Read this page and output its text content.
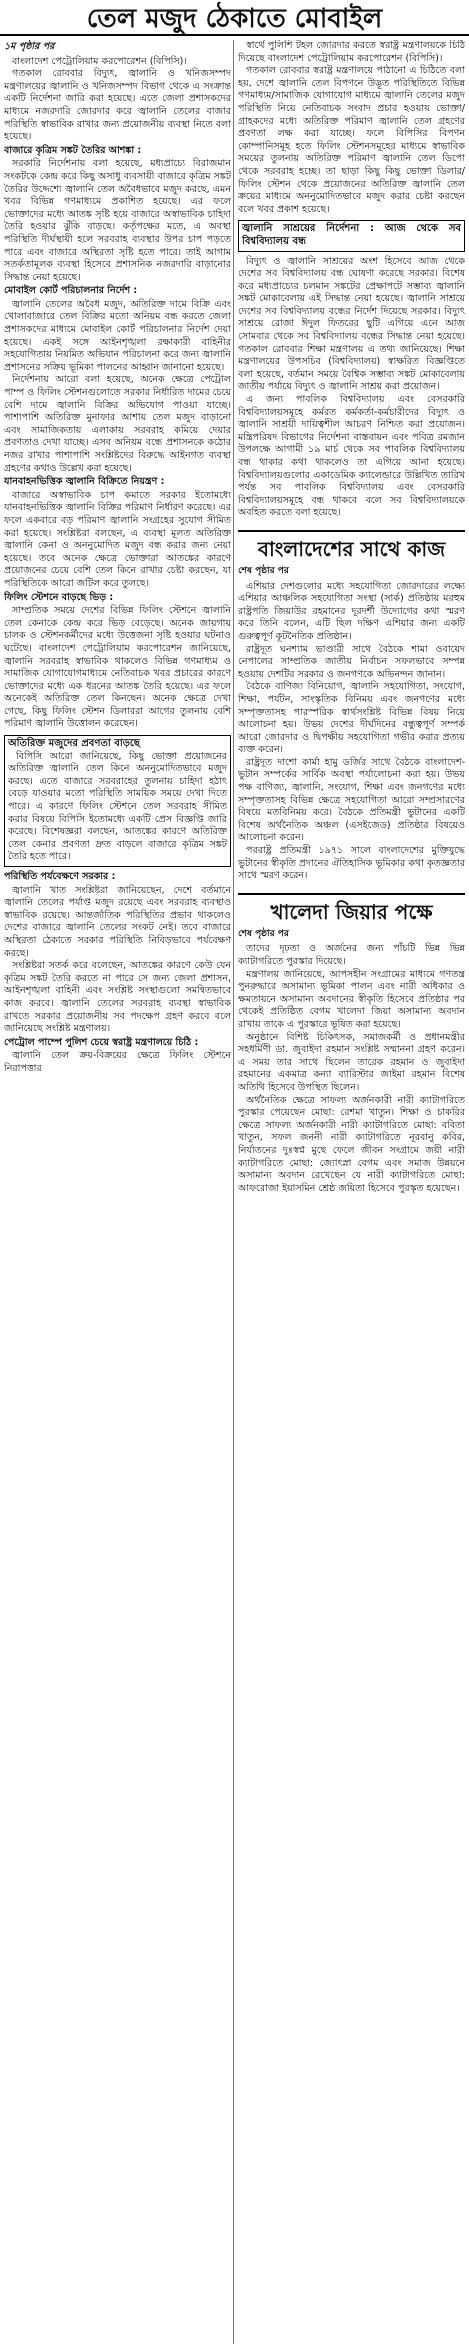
তেল মজুদ ঠেকাতে মোবাইল
১ম পৃষ্ঠার পর

বাংলাদেশ পেট্রোলিয়াম করপোরেশন (বিপিসি)।

গতকাল রোববার বিদ্যুৎ, জ্বালানি ও খনিজসম্পদ মন্ত্রণালয়ের জ্বালানি ও খনিজসম্পদ বিভাগ থেকে এ সংক্রান্ত একটি নির্দেশনা জারি করা হয়েছে। এতে জেলা প্রশাসকদের মাধ্যমে নজরদারি জোরদার করে জ্বালানি তেলের বাজার পরিস্থিতি স্বাভাবিক রাখার জন্য প্রয়োজনীয় ব্যবস্থা নিতে বলা হয়েছে।

বাজারে কৃত্রিম সঙ্কট তৈরির আশঙ্কা :

সরকারি নির্দেশনায় বলা হয়েছে, মধ্যপ্রাচ্যে বিরাজমান সংকটকে কেন্দ্র করে কিছু অসাধু ব্যবসায়ী বাজারে কৃত্রিম সঙ্কট তৈরির উদ্দেশ্যে জ্বালানি তেল অবৈধভাবে মজুদ করছে, এমন খবর বিভিন্ন গণমাধ্যমে প্রকাশিত হয়েছে। এর ফলে ভোক্তাদের মধ্যে আতঙ্ক সৃষ্টি হয়ে বাজারে অস্বাভাবিক চাহিদা তৈরি হওয়ার ঝুঁকি বাড়ছে। কর্তৃপক্ষের মতে, এ অবস্থা পরিস্থিতি দীর্ঘস্থায়ী হলে সরবরাহ ব্যবস্থার উপর চাপ পড়তে পারে এবং বাজারে অস্থিরতা সৃষ্টি হতে পারে। তাই আগাম সতর্কতামূলক ব্যবস্থা হিসেবে প্রশাসনিক নজরদারি বাড়ানোর সিদ্ধান্ত নেয়া হয়েছে।

মোবাইল কোর্ট পরিচালনার নির্দেশ :

জ্বালানি তেলের অবৈধ মজুদ, অতিরিক্ত দামে বিক্রি এবং খোলাবাজারে তেল বিক্রির মতো অনিয়ম বন্ধ করতে জেলা প্রশাসকদের মাধ্যমে মোবাইল কোর্ট পরিচালনার নির্দেশ দেয়া হয়েছে। একই সঙ্গে আইনশৃঙ্খলা রক্ষাকারী বাহিনীর সহযোগিতায় নিয়মিত অভিযান পরিচালনা করে জন্য জ্বালানি প্রশাসনের সক্রিয় ভূমিকা পালনের আহ্বান জানানো হয়েছে।

নির্দেশনায় আরো বলা হয়েছে, অনেক ক্ষেত্রে পেট্রোল পাম্প ও ফিলিং স্টেশনগুলোতে সরকার নির্ধারিত দামের চেয়ে বেশি দামে জ্বালানি বিক্রির অভিযোগ পাওয়া যাচ্ছে। পাশাপাশি অতিরিক্ত মুনাফার আশায় তেল মজুদ বাড়ানো এবং সামাজিকতায় এলাকায় সরবরাহ কমিয়ে দেয়ার প্রবণতাও দেখা যাচ্ছে। এসব অনিয়ম বন্ধে প্রশাসনকে কঠোর নজর রাখার পাশাপাশি সংশ্লিষ্টদের বিরুদ্ধে আইনগত ব্যবস্থা গ্রহণের কথাও উল্লেখ করা হয়েছে।

যানবাহনভিত্তিক জ্বালানি বিক্রিতে নিয়ন্ত্রণ :

বাজারে অস্বাভাবিক চাপ কমাতে সরকার ইতোমধ্যে যানবাহনভিত্তিক জ্বালানি বিক্রির পরিমাণ নির্ধারণ করেছে। এর ফলে একবারে বড় পরিমাণ জ্বালানি সংগ্রহের সুযোগ সীমিত করা হয়েছে। সংশ্লিষ্টরা বলছেন, এ ব্যবস্থা মূলত অতিরিক্ত জ্বালানি কেনা ও অননুমোদিত মজুদ বন্ধ করার জন্য নেয়া হয়েছে। তবে অনেক ক্ষেত্রে ভোক্তারা আতঙ্কের কারণে প্রয়োজনের চেয়ে বেশি তেল কিনে রাখার চেষ্টা করছেন, যা পরিস্থিতিকে আরো জটিল করে তুলছে।

ফিলিং স্টেশনে বাড়ছে ভিড় :

সাম্প্রতিক সময়ে দেশের বিভিন্ন ফিলিং স্টেশনে জ্বালানি তেল কেনাকে কেন্দ্র করে ভিড় বেড়েছে। অনেক জায়গায় চালক ও স্টেশনকর্মীদের মধ্যে উত্তেজনা সৃষ্টি হওয়ার ঘটনাও ঘটেছে। বাংলাদেশ পেট্রোলিয়াম করপোরেশন জানিয়েছে, জ্বালানি সরবরাহ স্বাভাবিক থাকলেও বিভিন্ন গণমাধ্যম ও সামাজিক যোগাযোগমাধ্যমে নেতিবাচক খবর প্রচারের কারণে ভোক্তাদের মধ্যে এক ধরনের আতঙ্ক তৈরি হয়েছে। এর ফলে অনেকেই অতিরিক্ত তেল কিনছেন। অনেক ক্ষেত্রে দেখা গেছে, কিছু ফিলিং স্টেশন ডিলাররা আগের তুলনায় বেশি পরিমাণ জ্বালানি উত্তোলন করেছেন।

অতিরিক্ত মজুদের প্রবণতা বাড়ছে

বিপিসি আরো জানিয়েছে, কিছু ভোক্তা প্রয়োজনের অতিরিক্ত জ্বালানি তেল কিনে অননুমোদিতভাবে মজুদ করছে। এতে বাজারে সরবরাহের তুলনায় চাহিদা হঠাৎ বেড়ে যাওয়ার মতো পরিস্থিতি সাময়িক সময়ে দেখা দিতে পারে। এ কারণে ফিলিং স্টেশনে তেল সরবরাহ সীমিত করার বিষয়ে বিপিসি ইতোমধ্যে একটি প্রেস বিজ্ঞপ্তি জারি করেছে। বিশেষজ্ঞরা বলছেন, আতঙ্কের কারণে অতিরিক্ত তেল কেনার প্রবণতা দ্রুত বাড়লে বাজারে কৃত্রিম সঙ্কট তৈরি হতে পারে।

পরিস্থিতি পর্যবেক্ষণে সরকার :

জ্বালানি খাত সংশ্লিষ্টরা জানিয়েছেন, দেশে বর্তমানে জ্বালানি তেলের পর্যাপ্ত মজুদ রয়েছে এবং সরবরাহ ব্যবস্থাও স্বাভাবিক রয়েছে। আন্তর্জাতিক পরিস্থিতির প্রভাব থাকলেও দেশের বাজারে জ্বালানি তেলের সংকট নেই। তবে বাজারে অস্থিরতা ঠেকাতে সরকার পরিস্থিতি নিবিড়ভাবে পর্যবেক্ষণ করছে।

সংশ্লিষ্টরা সতর্ক করে বলেছেন, আতঙ্কের কারণে কেউ যেন কৃত্রিম সঙ্কট তৈরি করতে না পারে সে জন্য জেলা প্রশাসন, আইনশৃঙ্খলা বাহিনী এবং সংশ্লিষ্ট সংস্থাগুলো সমন্বিতভাবে কাজ করবে। জ্বালানি তেলের সরবরাহ ব্যবস্থা স্বাভাবিক রাখতে সরকার প্রয়োজনীয় সব পদক্ষেপ গ্রহণ করবে বলে জানিয়েছে সংশ্লিষ্ট মন্ত্রণালয়।

পেট্রোল পাম্পে পুলিশ চেয়ে স্বরাষ্ট্র মন্ত্রণালয়ে চিঠি :

জ্বালানি তেল ক্রয়-বিক্রয়ের ক্ষেত্রে ফিলিং স্টেশনে নিরাপত্তার

স্বার্থে পুলিশি টহল জোরদার করতে স্বরাষ্ট্র মন্ত্রণালয়কে চিঠি দিয়েছে বাংলাদেশ পেট্রোলিয়াম করপোরেশন (বিপিসি)।

গতকাল রোববার স্বরাষ্ট্র মন্ত্রণালয়ে পাঠানো এ চিঠিতে বলা হয়, দেশে জ্বালানি তেল বিপণনে উদ্ভূত পরিস্থিতিতে বিভিন্ন গণমাধ্যম/সামাজিক যোগাযোগ মাধ্যমে জ্বালানি তেলের মজুদ পরিস্থিতি নিয়ে নেতিবাচক সংবাদ প্রচার হওয়ায় ভোক্তা/গ্রাহকদের মধ্যে অতিরিক্ত পরিমাণ জ্বালানি তেল গ্রহণের প্রবণতা লক্ষ করা যাচ্ছে। ফলে বিপিসির বিপণন কোম্পানিসমূহ হতে ফিলিং স্টেশনসমূহের মাধ্যমে স্বাভাবিক সময়ের তুলনায় অতিরিক্ত পরিমাণ জ্বালানি তেল ডিপো থেকে সরবরাহ হচ্ছে। তা ছাড়া কিছু কিছু ভোক্তা ডিলার/ফিলিং স্টেশন থেকে প্রয়োজনের অতিরিক্ত জ্বালানি তেল ক্রয়ের মাধ্যমে অননুমোদিতভাবে মজুদ করার চেষ্টা করছেন বলে খবর প্রকাশ হয়েছে।

জ্বালানি সাশ্রয়ের নির্দেশনা : আজ থেকে সব বিশ্ববিদ্যালয় বন্ধ

বিদ্যুৎ ও জ্বালানি সাশ্রয়ের অংশ হিসেবে আজ থেকে দেশের সব বিশ্ববিদ্যালয় বন্ধ ঘোষণা করেছে সরকার। বিশেষ করে মধ্যপ্রাচ্যের চলমান সঙ্কটের প্রেক্ষাপটে সম্ভাব্য জ্বালানি সঙ্কট মোকাবেলায় এই সিদ্ধান্ত নেয়া হয়েছে। জ্বালানি সাশ্রয়ে দেশের সব বিশ্ববিদ্যালয় বন্ধের নির্দেশ দিয়েছে সরকার। বিদ্যুৎ সাশ্রয়ে রোজা ঈদুল ফিতরের ছুটি এগিয়ে এনে আজ সোমবার থেকে সব বিশ্ববিদ্যালয় বন্ধের সিদ্ধান্ত নেয়া হয়েছে। গতকাল রোববার শিক্ষা মন্ত্রণালয় এ তথ্য জানিয়েছে। শিক্ষা মন্ত্রণালয়ের উপসচিব (বিশ্ববিদ্যালয়) স্বাক্ষরিত বিজ্ঞপ্তিতে বলা হয়েছে, বর্তমান সময়ে বৈশ্বিক সম্ভাব্য সঙ্কট মোকাবেলায় জাতীয় পর্যায়ে বিদ্যুৎ ও জ্বালানি সাশ্রয় করা প্রয়োজন।

এ জন্য পাবলিক বিশ্ববিদ্যালয় এবং বেসরকারি বিশ্ববিদ্যালয়সমূহে কর্মরত কর্মকর্তা-কর্মচারীদের বিদ্যুৎ ও জ্বালানি সাশ্রয়ী দায়িত্বশীল আচরণ নিশ্চিত করা প্রয়োজন। মন্ত্রিপরিষদ বিভাগের নির্দেশনা বাস্তবায়ন এবং পবিত্র রমজান উপলক্ষে আগামী ১৯ মার্চ থেকে সব পাবলিক বিশ্ববিদ্যালয় বন্ধ থাকার কথা থাকলেও তা এগিয়ে আনা হয়েছে। বিশ্ববিদ্যালয়গুলোর একাডেমিক ক্যালেন্ডারে উল্লিখিত তারিখ পর্যন্ত সব পাবলিক বিশ্ববিদ্যালয় এবং বেসরকারি বিশ্ববিদ্যালয়সমূহে বন্ধ থাকবে বলে সব বিশ্ববিদ্যালয়কে অবহিত করতে বলা হয়েছে।

বাংলাদেশের সাথে কাজ
শেষ পৃষ্ঠার পর

এশিয়ার দেশগুলোর মধ্যে সহযোগিতা জোরদারের লক্ষ্যে এশিয়ার আঞ্চলিক সহযোগিতা সংস্থা (সার্ক) প্রতিষ্ঠায় মরহুম রাষ্ট্রপতি জিয়াউর রহমানের দূরদর্শী উদ্যোগের কথা স্মরণ করে তিনি বলেন, এটি ছিল দক্ষিণ এশিয়ার জন্য একটি গুরুত্বপূর্ণ কূটনৈতিক প্রতিষ্ঠান।

রাষ্ট্রদূত ঘনশ্যাম ভাণ্ডারী সাথে বৈঠকে শামা ওবায়েদ নেপালের সাম্প্রতিক জাতীয় নির্বাচন সফলভাবে সম্পন্ন হওয়ায় দেশটির সরকার ও জনগণকে অভিনন্দন জানান।

বৈঠকে বাণিজ্য বিনিয়োগ, জ্বালানি সহযোগিতা, সংযোগ, শিক্ষা, পর্যটন, সাংস্কৃতিক বিনিময় এবং জনগণের মধ্যে সম্পৃক্ততাসহ পারস্পরিক স্বার্থসংশ্লিষ্ট বিভিন্ন বিষয় নিয়ে আলোচনা হয়। উভয় দেশের দীর্ঘদিনের বন্ধুত্বপূর্ণ সম্পর্ক আরো জোরদার ও দ্বিপক্ষীয় সহযোগিতা গভীর করার প্রত্যয় ব্যক্ত করেন।

রাষ্ট্রদূত দাশো কার্মা হামু ডর্জির সাথে বৈঠকে বাংলাদেশ-ভুটান সম্পর্কের সার্বিক অবস্থা পর্যালোচনা করা হয়। উভয় পক্ষ বাণিজ্য, জ্বালানি, সংযোগ, শিক্ষা এবং জনগণের মধ্যে সম্পৃক্ততাসহ বিভিন্ন ক্ষেত্রে সহযোগিতা আরো সম্প্রসারণের বিষয়ে মতবিনিময় করে। বৈঠকে প্রতিমন্ত্রী ভুটানের একটি বিশেষ অর্থনৈতিক অঞ্চল (এসইজেড) প্রতিষ্ঠার বিষয়েও আলোচনা করেন।

পররাষ্ট্র প্রতিমন্ত্রী ১৯৭১ সালে বাংলাদেশের মুক্তিযুদ্ধে ভুটানের স্বীকৃতি প্রদানের ঐতিহাসিক ভূমিকার কথা কৃতজ্ঞতার সাথে স্মরণ করেন।

খালেদা জিয়ার পক্ষে
শেষ পৃষ্ঠার পর

তাদের দৃঢ়তা ও অর্জনের জন্য পাঁচটি ভিন্ন ভিন্ন ক্যাটাগরিতে পুরস্কার দিয়েছে।

মন্ত্রণালয় জানিয়েছে, আপসহীন সংগ্রামের মাধ্যমে গণতন্ত্র পুনরুদ্ধারে অসামান্য ভূমিকা পালন এবং নারী অধিকার ও ক্ষমতায়নে অসামান্য অবদানের স্বীকৃতি হিসেবে প্রতিষ্ঠার পর থেকেই প্রতিষ্ঠিত বেগম খালেদা জিয়া অসামান্য অবদান রাখায় তাকে এ পুরস্কারে ভূষিত করা হয়েছে।

অনুষ্ঠানে বিশিষ্ট চিকিৎসক, সমাজকর্মী ও প্রধানমন্ত্রীর সহধর্মিণী ডা. জুবাইদা রহমান সংশ্লিষ্ট সম্মাননা গ্রহণ করেন। এ সময় তার সাথে ছিলেন তারেক রহমান ও জুবাইদা রহমানের একমাত্র কন্যা ব্যারিস্টার জাইমা রহমান বিশেষ অতিথি হিসেবে উপস্থিত ছিলেন।

অর্থনৈতিক ক্ষেত্রে সাফল্য অর্জনকারী নারী ক্যাটাগরিতে পুরস্কার পেয়েছেন মোছা: রেশমা খাতুন। শিক্ষা ও চাকরির ক্ষেত্রে সাফল্য অর্জনকারী নারী ক্যাটাগরিতে মোছা: ববিতা খাতুন, সফল জননী নারী ক্যাটাগরিতে নূরবানু কবির, নির্যাতনের দুঃস্বপ্ন মুছে ফেলে জীবন সংগ্রামে জয়ী নারী ক্যাটাগরিতে মোছা: জ্যোৎস্না বেগম এবং সমাজ উন্নয়নে অসামান্য অবদান রেখেছেন যে নারী ক্যাটাগরিতে মোছা: আফরোজা ইয়াসমিন শ্রেষ্ঠ জয়িতা হিসেবে পুরস্কৃত হয়েছেন।
